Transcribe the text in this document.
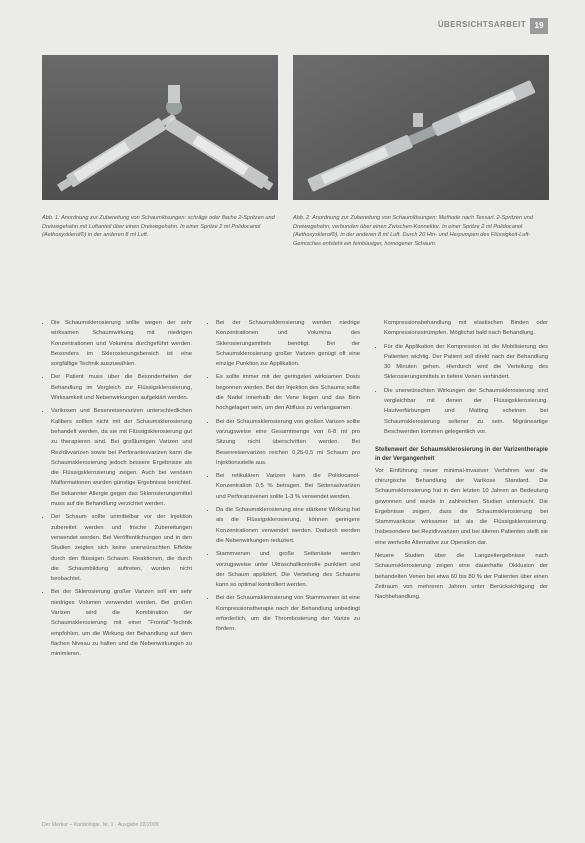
ÜBERSICHTSARBEIT	19

Abb. 1: Anordnung zur Zubereitung von Schaumlösungen: schräge oder flache 2-Spritzen und Dreiwegehahn mit Luftanteil über einen Dreiwegehahn. In einer Spritze 2 ml Polidocanol (Aethoxysklerol®) in der anderen 8 ml Luft.

Abb. 2: Anordnung zur Zubereitung von Schaumlösungen: Methode nach Tessari. 2-Spritzen und Dreiwegehahn, verbunden über einen Zwischen-Konnektor. In einer Spritze 2 ml Polidocanol (Aethoxysklerol®), in der anderen 8 ml Luft. Durch 20 Hin- und Herpumpen des Flüssigkeit-Luft-Gemisches entsteht ein feinblasiger, homogener Schaum.

• Die Schaumsklerosierung sollte wegen der sehr wirksamen Schaumwirkung mit niedrigen Konzentrationen und Volumina durchgeführt werden. Besonders im Sklerosierungsbereich ist eine sorgfältige Technik auszuwählen.
• Der Patient muss über die Besonderheiten der Behandlung im Vergleich zur Flüssigsklerosierung, Wirksamkeit und Nebenwirkungen aufgeklärt werden.
• Varikosen und Besenreiservarizen unterschiedlichen Kalibers sollten nicht mit der Schaumsklerosierung behandelt werden, da sie mit Flüssigsklerosierung gut zu therapieren sind. Bei großlumigen Varizen und Rezidivvarizen sowie bei Perforantesvarizen kann die Schaumsklerosierung jedoch bessere Ergebnisse als die Flüssigsklerosierung zeigen. Auch bei venösen Malformationen wurden günstige Ergebnisse berichtet. Bei bekannter Allergie gegen das Sklerosierungsmittel muss auf die Behandlung verzichtet werden.
• Der Schaum sollte unmittelbar vor der Injektion zubereitet werden und frische Zubereitungen verwendet werden. Bei Veröffentlichungen und in den Studien zeigten sich keine unerwünschten Effekte durch den flüssigen Schaum. Reaktionen, die durch die Schaumbildung auftreten, wurden nicht beobachtet.
• Bei der Sklerosierung großer Varizen soll ein sehr niedriges Volumen verwendet werden. Bei großen Varizen wird die Kombination der Schaumsklerosierung mit einer "Frontal"-Technik empfohlen, um die Wirkung der Behandlung auf dem flachen Niveau zu halten und die Nebenwirkungen zu minimieren.
• Bei der Schaumsklerosierung werden niedrige Konzentrationen und Volumina des Sklerosierungsmittels benötigt. Bei der Schaumsklerosierung großer Varizen genügt oft eine einzige Punktion zur Applikation.
• Es sollte immer mit der geringsten wirksamen Dosis begonnen werden. Bei der Injektion des Schaums sollte die Nadel innerhalb der Vene liegen und das Bein hochgelagert sein, um den Abfluss zu verlangsamen.
• Bei der Schaumsklerosierung von großen Varizen sollte vorzugsweise eine Gesamtmenge von 6-8 ml pro Sitzung nicht überschritten werden. Bei Besenreiservarizen reichen 0,25-0,5 ml Schaum pro Injektionsstelle aus.
• Bei retikulären Varizen kann die Polidocanol-Konzentration 0,5 % betragen. Bei Seitenastvarizen und Perforansvenen sollte 1-3 % verwendet werden.
• Da die Schaumsklerosierung eine stärkere Wirkung hat als die Flüssigsklerosierung, können geringere Konzentrationen verwendet werden. Dadurch werden die Nebenwirkungen reduziert.
• Stammvenen und große Seitenäste werden vorzugsweise unter Ultraschallkontrolle punktiert und der Schaum appliziert. Die Verteilung des Schaums kann so optimal kontrolliert werden.
• Bei der Schaumsklerosierung von Stammvenen ist eine Kompressionstherapie nach der Behandlung unbedingt erforderlich, um die Thrombosierung der Varize zu fördern.

Kompressionsbehandlung mit elastischen Binden oder Kompressionsstrümpfen. Möglichst bald nach Behandlung.

• Für die Applikation der Kompression ist die Mobilisierung des Patienten wichtig. Der Patient soll direkt nach der Behandlung 30 Minuten gehen. Hierdurch wird die Verteilung des Sklerosierungsmittels in tiefere Venen verhindert.
• Die unerwünschten Wirkungen der Schaumsklerosierung sind vergleichbar mit denen der Flüssigsklerosierung. Hautverfärbungen und Matting scheinen bei Schaumsklerosierung seltener zu sein. Migräneartige Beschwerden kommen gelegentlich vor.
Stellenwert der Schaumsklerosierung in der Varizentherapie in der Vergangenheit

Vor Einführung neuer minimal-invasiver Verfahren war die chirurgische Behandlung der Varikose Standard. Die Schaumsklerosierung hat in den letzten 10 Jahren an Bedeutung gewonnen und wurde in zahlreichen Studien untersucht. Die Ergebnisse zeigen, dass die Schaumsklerosierung bei Stammvarikose wirksamer ist als die Flüssigsklerosierung. Insbesondere bei Rezidivvarizen und bei älteren Patienten stellt sie eine wertvolle Alternative zur Operation dar.

Neuere Studien über die Langzeitergebnisse nach Schaumsklerosierung zeigen eine dauerhafte Okklusion der behandelten Venen bei etwa 60 bis 80 % der Patienten über einen Zeitraum von mehreren Jahren unter Berücksichtigung der Nachbehandlung.

Der Merkur – Kardiologie, Nr. 1 · Ausgabe 02/2009
